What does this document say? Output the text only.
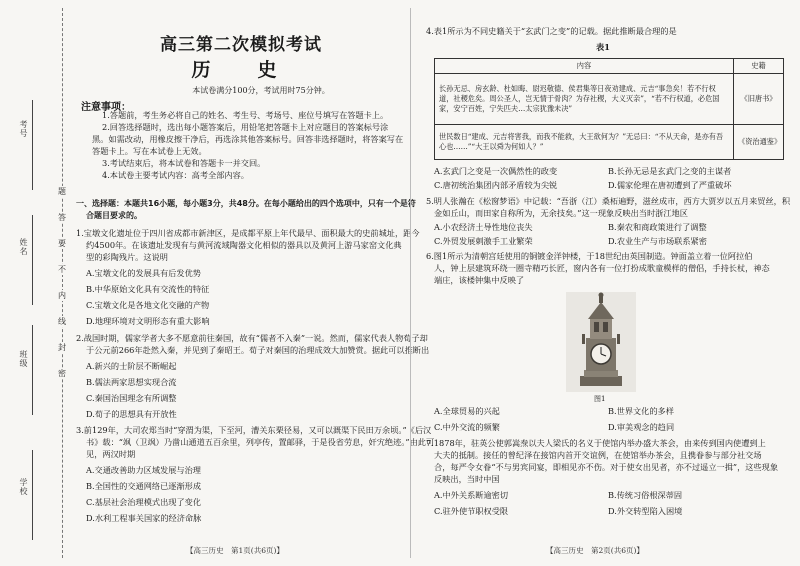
考号
姓名
班级
学校
题
答
要
不
内
线
封
密
高三第二次模拟考试
历　史
本试卷满分100分，考试用时75分钟。
注意事项：
1.答题前，考生务必将自己的姓名、考生号、考场号、座位号填写在答题卡上。
2.回答选择题时，选出每小题答案后，用铅笔把答题卡上对应题目的答案标号涂
黑。如需改动，用橡皮擦干净后，再选涂其他答案标号。回答非选择题时，将答案写在
答题卡上。写在本试卷上无效。
3.考试结束后，将本试卷和答题卡一并交回。
4.本试卷主要考试内容：高考全部内容。
一、选择题：本题共16小题，每小题3分，共48分。在每小题给出的四个选项中，只有一个是符
合题目要求的。
1.宝墩文化遗址位于四川省成都市新津区，是成都平原上年代最早、面积最大的史前城址，距今
约4500年。在该遗址发现有与黄河流域陶器文化相似的器具以及黄河上游马家窑文化典
型的彩陶残片。这说明
A.宝墩文化的发展具有后发优势
B.中华原始文化具有交流性的特征
C.宝墩文化是各地文化交融的产物
D.地理环境对文明形态有重大影响
2.战国时期，儒家学者大多不愿意前往秦国，故有“儒者不入秦”一说。然而，儒家代表人物荀子却
于公元前266年赴然入秦，并见到了秦昭王。荀子对秦国的治理成效大加赞赏。据此可以推断出
A.新兴的士阶层不断崛起
B.儒法两家思想实现合流
C.秦国治国理念有所调整
D.荀子的思想具有开放性
3.前129年，大司农郑当时“穿渭为渠，下至河，漕关东栗径易，又可以溉渠下民田万余顷。”《后汉
书》载：“飒（卫飒）乃凿山通道五百余里，列亭传，置邮驿，于是役省劳息，奸宄绝迹。”由此可
见，两汉时期
A.交通改善助力区域发展与治理
B.全国性的交通网络已逐渐形成
C.基层社会治理模式出现了变化
D.水利工程事关国家的经济命脉
【高三历史　第1页(共6页)】
4.表1所示为不同史籍关于“玄武门之变”的记载。据此推断最合理的是
表1
内容	史籍
长孙无忌、房玄龄、杜如晦、尉迟敬德、侯君集等日夜劝建成、元吉“事急矣！若不行权道，社稷危矣。周公圣人，岂无情于骨肉？为存社稷，大义灭亲”，“若不行权道，必危国家，安宁百姓，宁失匹夫…太宗犹豫未决”	《旧唐书》
世民数日“建成、元吉将害我，而我不能救，大王欲何为？”无忌曰：“不从天命，是亦有吾心也……”“大王以舜为何如人？”	《资治通鉴》
A.玄武门之变是一次偶然性的政变	B.长孙无忌是玄武门之变的主谋者
C.唐初统治集团内部矛盾较为尖锐	D.儒家伦理在唐初遭到了严重破坏
5.明人张瀚在《松窗梦语》中记载：“吾浙（江）桑柘遍野，滋丝成市，西方大贾岁以五月来贸丝，积
金如丘山，而田家自称所为，无余技矣。”这一现象反映出当时浙江地区
A.小农经济土导性地位丧失	B.秦农和商政策进行了调整
C.外贸发展刺激手工业繁荣	D.农业生产与市场联系紧密
6.图1所示为清朝宫廷使用的铜镀金洋钟楼，于18世纪由英国制造。钟面盖立着一位阿拉伯
人，钟上层建筑环绕一圈寺精巧长匠，窗内各有一位打扮成歌童模样的僧侣，手持长杖，神态
端庄，该楼钟集中反映了
图1
A.全球贸易的兴起	B.世界文化的多样
C.中外交流的频繁	D.审美观念的趋同
7.1878年，驻英公使郭嵩焘以夫人梁氏的名义于使馆内举办盛大茶会，由来传到国内使遭到上
大夫的抵制。接任的曾纪泽在接馆内首开交谊例，在使馆举办茶会，且携眷参与部分社交场
合，每严令女眷“不与男宾同宴，即相见亦不伤。对于使女出见者，亦不过遥立一揖”，这些现象
反映出，当时中国
A.中外关系断逾密切	B.传统习俗根深蒂固
C.驻外使节职权受限	D.外交转型陷入困境
【高三历史　第2页(共6页)】
